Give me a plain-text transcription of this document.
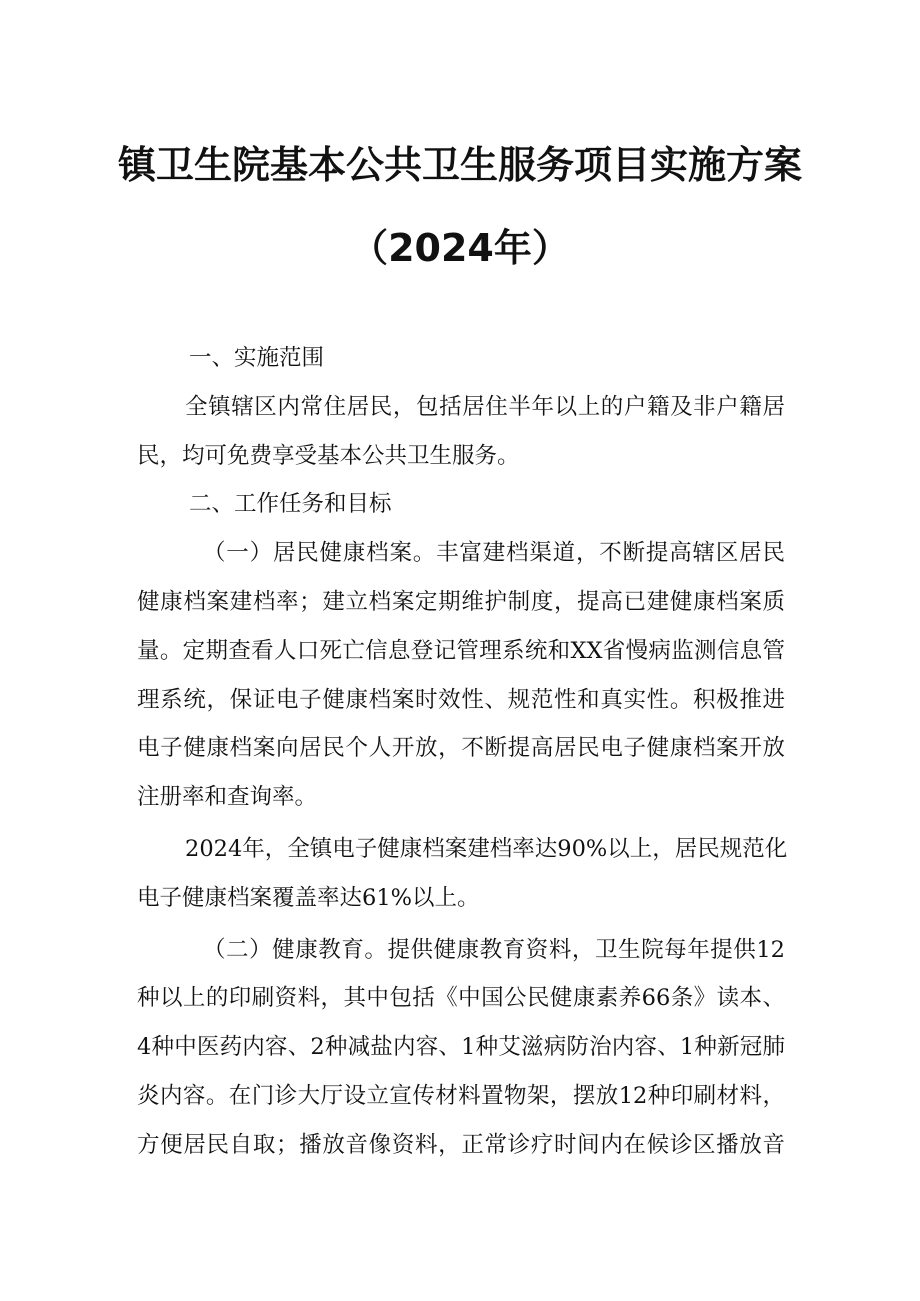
镇卫生院基本公共卫生服务项目实施方案
（2024年）
一、实施范围
全镇辖区内常住居民，包括居住半年以上的户籍及非户籍居
民，均可免费享受基本公共卫生服务。
二、工作任务和目标
（一）居民健康档案。丰富建档渠道，不断提高辖区居民
健康档案建档率；建立档案定期维护制度，提高已建健康档案质
量。定期查看人口死亡信息登记管理系统和XX省慢病监测信息管
理系统，保证电子健康档案时效性、规范性和真实性。积极推进
电子健康档案向居民个人开放，不断提高居民电子健康档案开放
注册率和查询率。
2024年，全镇电子健康档案建档率达90%以上，居民规范化
电子健康档案覆盖率达61%以上。
（二）健康教育。提供健康教育资料，卫生院每年提供12
种以上的印刷资料，其中包括《中国公民健康素养66条》读本、
4种中医药内容、2种减盐内容、1种艾滋病防治内容、1种新冠肺
炎内容。在门诊大厅设立宣传材料置物架，摆放12种印刷材料，
方便居民自取；播放音像资料，正常诊疗时间内在候诊区播放音
